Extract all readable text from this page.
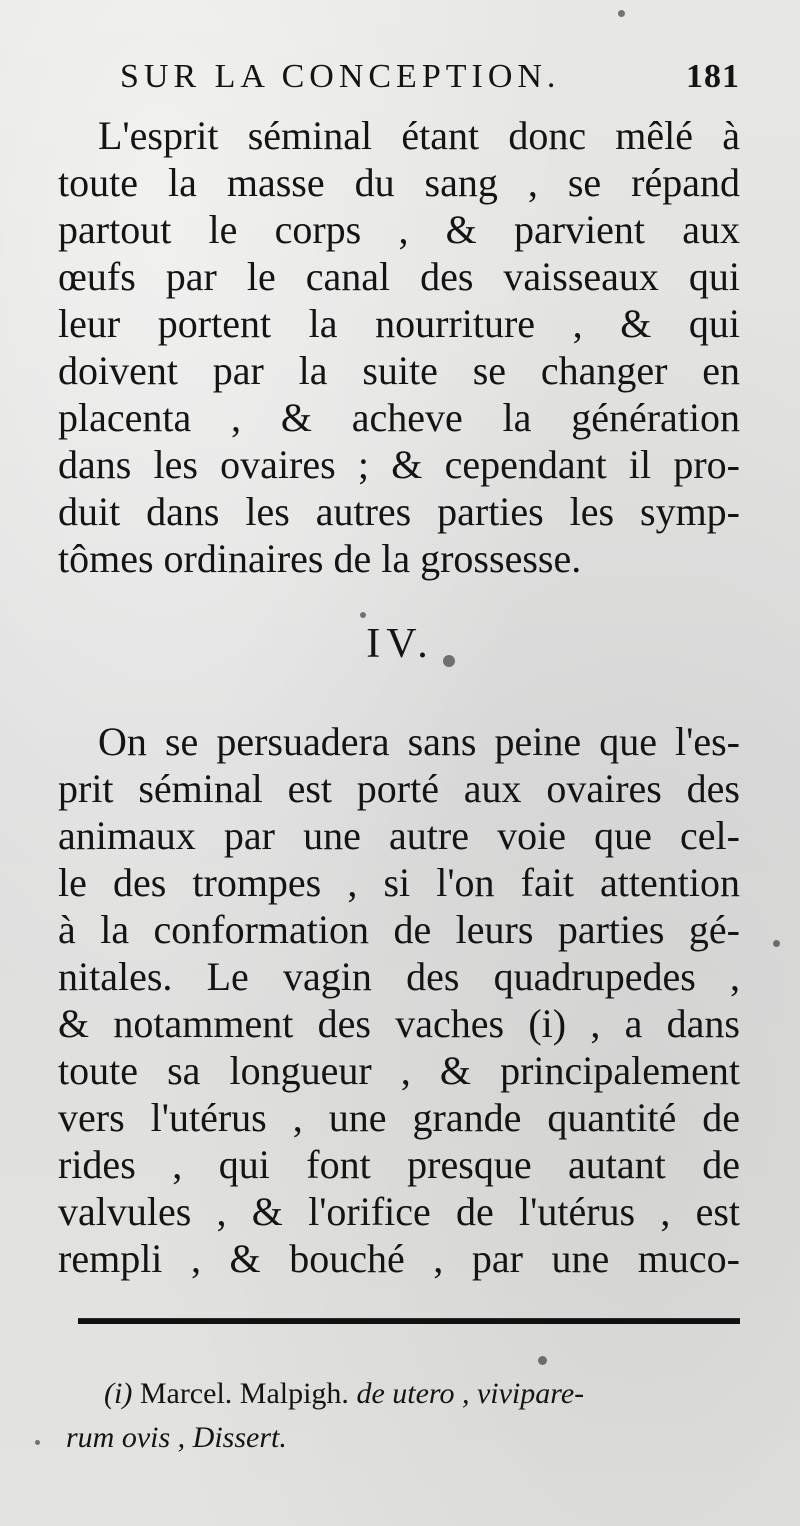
SUR LA CONCEPTION.	181
L'esprit séminal étant donc mêlé à
toute la masse du sang , se répand
partout le corps , & parvient aux
œufs par le canal des vaisseaux qui
leur portent la nourriture , & qui
doivent par la suite se changer en
placenta , & acheve la génération
dans les ovaires ; & cependant il pro-
duit dans les autres parties les symp-
tômes ordinaires de la grossesse.
IV.
On se persuadera sans peine que l'es-
prit séminal est porté aux ovaires des
animaux par une autre voie que cel-
le des trompes , si l'on fait attention
à la conformation de leurs parties gé-
nitales. Le vagin des quadrupedes ,
& notamment des vaches (i) , a dans
toute sa longueur , & principalement
vers l'utérus , une grande quantité de
rides , qui font presque autant de
valvules , & l'orifice de l'utérus , est
rempli , & bouché , par une muco-
(i) Marcel. Malpigh. de utero , vivipare-
rum ovis , Dissert.
